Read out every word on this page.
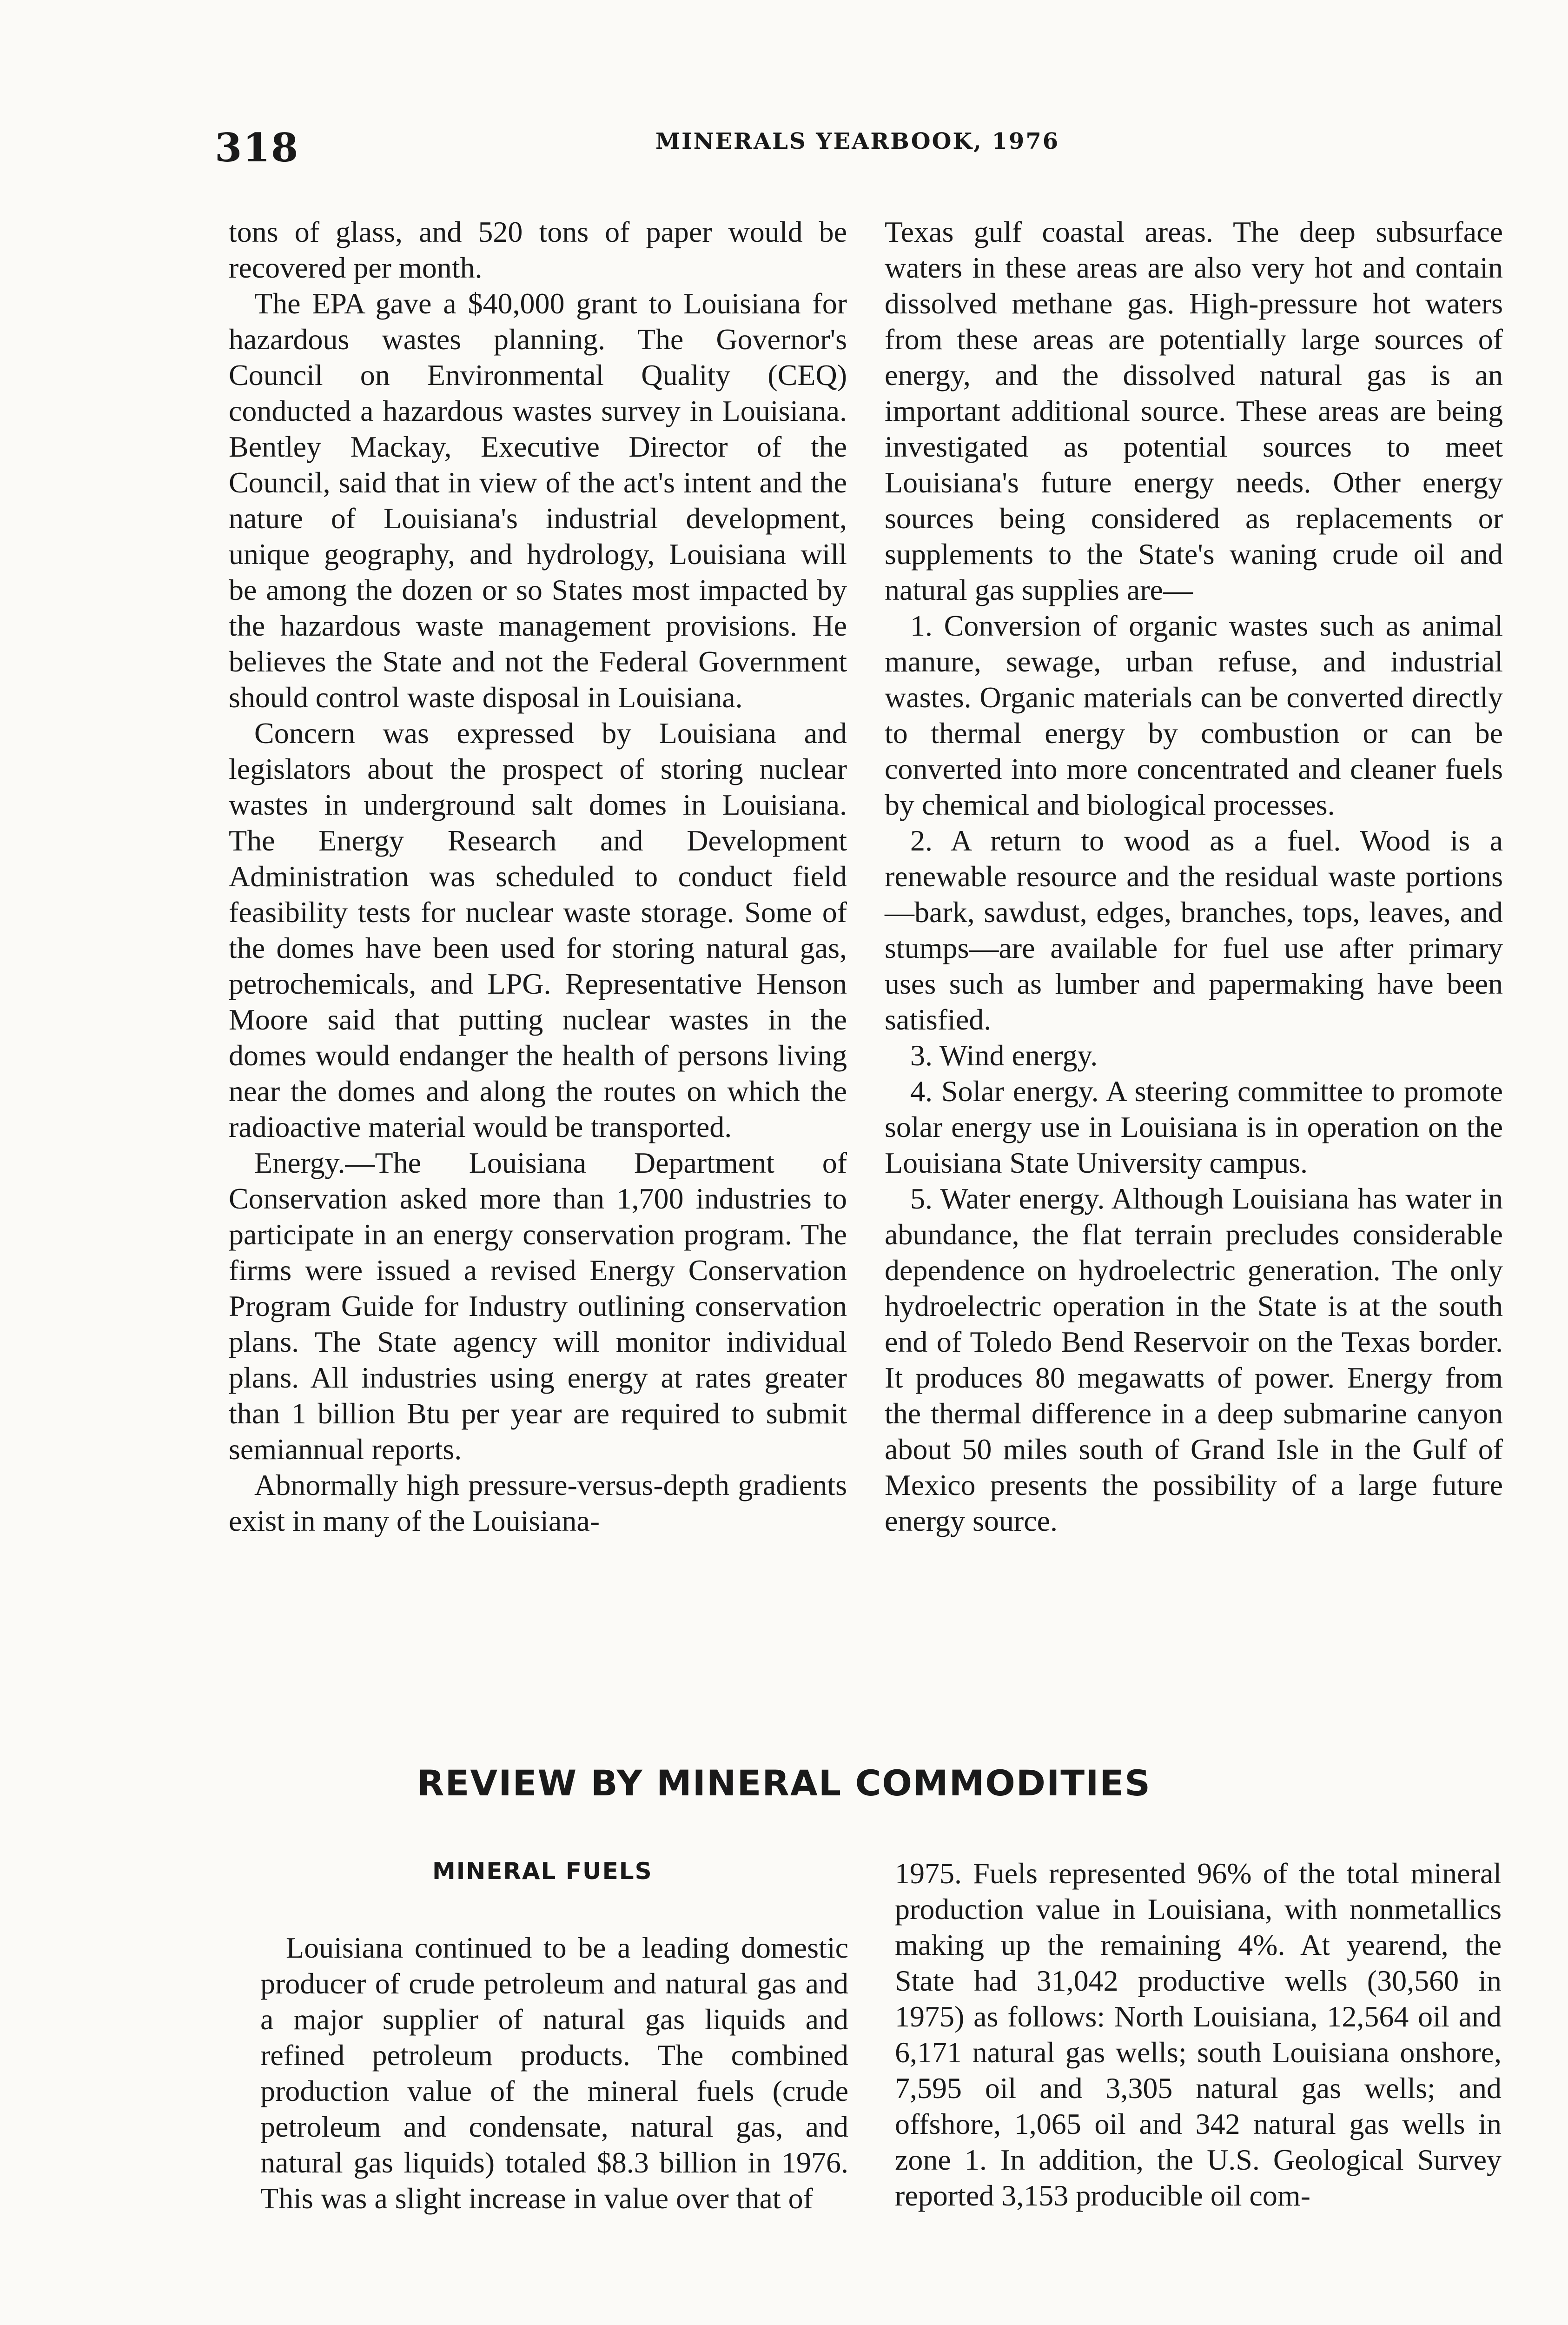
318	MINERALS YEARBOOK, 1976

tons of glass, and 520 tons of paper would be recovered per month.

The EPA gave a $40,000 grant to Louisiana for hazardous wastes planning. The Governor's Council on Environmental Quality (CEQ) conducted a hazardous wastes survey in Louisiana. Bentley Mackay, Executive Director of the Council, said that in view of the act's intent and the nature of Louisiana's industrial development, unique geography, and hydrology, Louisiana will be among the dozen or so States most impacted by the hazardous waste management provisions. He believes the State and not the Federal Government should control waste disposal in Louisiana.

Concern was expressed by Louisiana and legislators about the prospect of storing nuclear wastes in underground salt domes in Louisiana. The Energy Research and Development Administration was scheduled to conduct field feasibility tests for nuclear waste storage. Some of the domes have been used for storing natural gas, petrochemicals, and LPG. Representative Henson Moore said that putting nuclear wastes in the domes would endanger the health of persons living near the domes and along the routes on which the radioactive material would be transported.

Energy.—The Louisiana Department of Conservation asked more than 1,700 industries to participate in an energy conservation program. The firms were issued a revised Energy Conservation Program Guide for Industry outlining conservation plans. The State agency will monitor individual plans. All industries using energy at rates greater than 1 billion Btu per year are required to submit semiannual reports.

Abnormally high pressure-versus-depth gradients exist in many of the Louisiana-

Texas gulf coastal areas. The deep subsurface waters in these areas are also very hot and contain dissolved methane gas. High-pressure hot waters from these areas are potentially large sources of energy, and the dissolved natural gas is an important additional source. These areas are being investigated as potential sources to meet Louisiana's future energy needs. Other energy sources being considered as replacements or supplements to the State's waning crude oil and natural gas supplies are—

1. Conversion of organic wastes such as animal manure, sewage, urban refuse, and industrial wastes. Organic materials can be converted directly to thermal energy by combustion or can be converted into more concentrated and cleaner fuels by chemical and biological processes.

2. A return to wood as a fuel. Wood is a renewable resource and the residual waste portions—bark, sawdust, edges, branches, tops, leaves, and stumps—are available for fuel use after primary uses such as lumber and papermaking have been satisfied.

3. Wind energy.

4. Solar energy. A steering committee to promote solar energy use in Louisiana is in operation on the Louisiana State University campus.

5. Water energy. Although Louisiana has water in abundance, the flat terrain precludes considerable dependence on hydroelectric generation. The only hydroelectric operation in the State is at the south end of Toledo Bend Reservoir on the Texas border. It produces 80 megawatts of power. Energy from the thermal difference in a deep submarine canyon about 50 miles south of Grand Isle in the Gulf of Mexico presents the possibility of a large future energy source.

REVIEW BY MINERAL COMMODITIES
MINERAL FUELS

Louisiana continued to be a leading domestic producer of crude petroleum and natural gas and a major supplier of natural gas liquids and refined petroleum products. The combined production value of the mineral fuels (crude petroleum and condensate, natural gas, and natural gas liquids) totaled $8.3 billion in 1976. This was a slight increase in value over that of

1975. Fuels represented 96% of the total mineral production value in Louisiana, with nonmetallics making up the remaining 4%. At yearend, the State had 31,042 productive wells (30,560 in 1975) as follows: North Louisiana, 12,564 oil and 6,171 natural gas wells; south Louisiana onshore, 7,595 oil and 3,305 natural gas wells; and offshore, 1,065 oil and 342 natural gas wells in zone 1. In addition, the U.S. Geological Survey reported 3,153 producible oil com-
